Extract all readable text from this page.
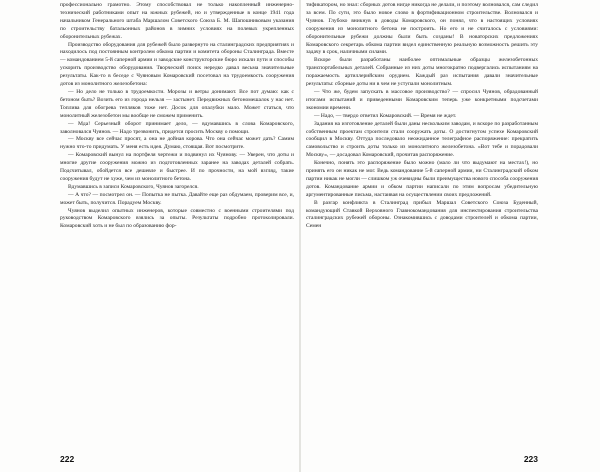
профессионально грамотно. Этому способствовал не только накопленный инженерно-технический работниками опыт на южных рубежей, но и утвержденные в конце 1941 года начальником Генерального штаба Маршалом Советского Союза Б. М. Шапошниковым указания по строительству батальонных районов в зимних условиях на полевых укрепленных оборонительных рубежах.

Производство оборудования для рубежей было развернуто на сталинградских предприятиях и находилось под постоянным контролем обкома партии и комитета обороны Сталинграда. Вместе — командованием 5-й саперной армии и заводские конструкторские бюро искали пути и способы ускорить производство оборудования. Творческий поиск нередко давал весьма значительные результаты. Как-то в беседе с Чуяновым Комаровский посетовал на трудоемкость сооружения дотов из монолитного железобетона:

— Но дело не только в трудоемкости. Морозы и ветры донимают. Все пот думаю: как с бетоном быть? Возить его из города нельзя — застынет. Передвижных бетономешалок у нас нет. Топлива для обогрева тепляков тоже нет. Досок для опалубки мало. Может статься, что монолитный железобетон мы вообще не сможем применить.

— Мда! Серьезный оборот принимает дело, — вдумавшись в слова Комаровского, заволновался Чуянов. — Надо трезвонить, придется просить Москву о помощи.

— Москву все сейчас просят, а она не дойная корова. Что она сейчас может дать? Самим нужно что-то придумать. У меня есть идея. Думаю, стоящая. Вот посмотрите.

— Комаровский вынул на портфеля чертежи и подвинул их Чуянову. — Уверен, что доты и многие другие сооружения можно из подготовленных заранее на заводах деталей собрать. Подсчитывал, обойдется все дешевле и быстрее. И по прочности, на мой взгляд, такие сооружения будут не хуже, чем из монолитного бетона.

Вдумавшись в записи Комаровского, Чуянов загорелся.

— А что? — посмотрел он. — Попытка не пытка. Давайте еще раз обдумаем, проверим все, и, может быть, получится. Порадуем Москву.

Чуянов выделил опытных инженеров, которые совместно с военными строителями под руководством Комаровского взялись за опыты. Результаты подробно протоколировали. Комаровский хоть и не был по образованию фор-

222

тификатором, но знал: сборных дотов нигде никогда не делали, и поэтому волновался, сам следил за всем. По сути, это было новое слово в фортификационном строительстве. Волновался и Чуянов. Глубоко вникнув в доводы Комаровского, он понял, что в настоящих условиях сооружения из монолитного бетона не построить. Но его и не считалось с условиями: оборонительные рубежи должны были быть созданы! В новаторских предложениях Комаровского секретарь обкома партии видел единственную реальную возможность решить эту задачу в срок, наличными силами.

Вскоре были разработаны наиболее оптимальные образцы железобетонных транспортабельных деталей. Собранные из них доты многократно подвергались испытаниям на поражаемость артиллерийским орудием. Каждый раз испытания давали значительные результаты: сборные доты ни в чем не уступали монолитным.

— Что же, будем запускать в массовое производство? — спросил Чуянов, обрадованный итогами испытаний и приведенными Комаровским теперь уже конкретными подсчетами экономии времени.

— Надо, — твердо ответил Комаровский. — Время не ждет.

Задания на изготовление деталей были даны нескольким заводам, и вскоре по разработанным собственным проектам строители стали сооружать доты. О достигнутом успехе Комаровский сообщил в Москву. Оттуда последовало неожиданное телеграфное распоряжение: прекратить самовольство и строить доты только из монолитного железобетона. «Вот тебе и порадовали Москву», — досадовал Комаровский, прочитав распоряжение.

Конечно, понять это распоряжение было можно (мало ли что выдумают на местах!), но принять его он никак не мог. Ведь командование 5-й саперной армии, ни Сталинградский обком партии никак не могли — слишком уж очевидны были преимущества нового способа сооружения дотов. Командование армии и обком партии написали по этим вопросам убедительную аргументированные письма, настаивая на осуществлении своих предложений.

В разгар конфликта в Сталинград прибыл Маршал Советского Союза Буденный, командующий Ставкой Верховного Главнокомандования для инспектирования строительства сталинградских рубежей обороны. Ознакомившись с доводами строителей и обкома партии, Семен

223
